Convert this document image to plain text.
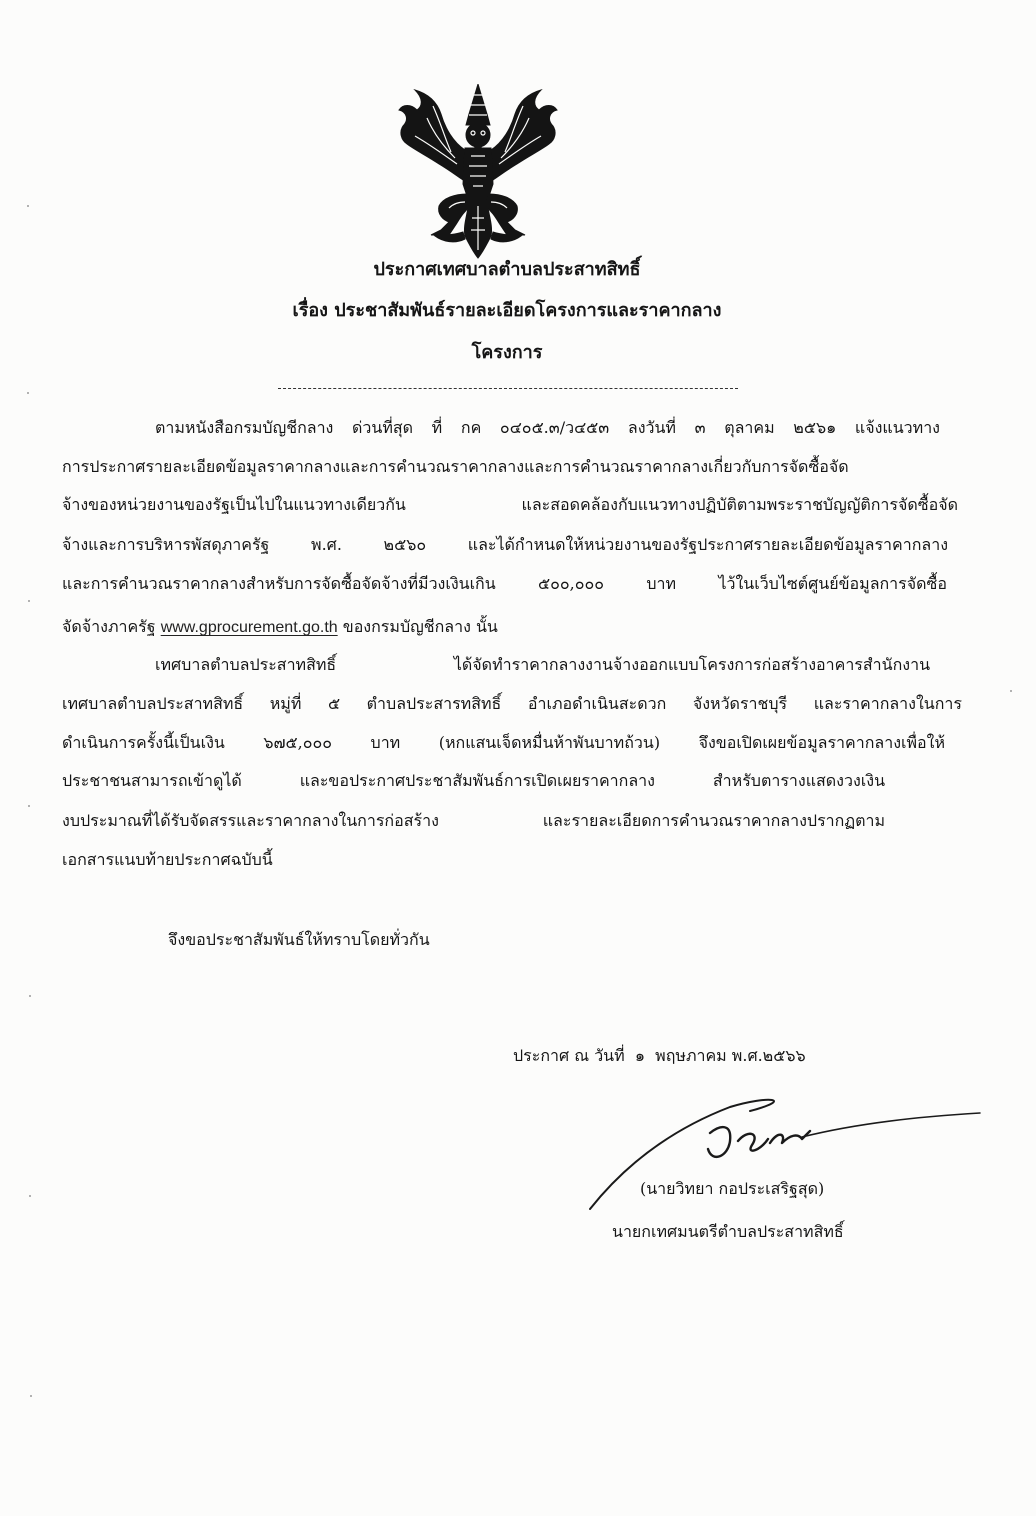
ประกาศเทศบาลตำบลประสาทสิทธิ์
เรื่อง ประชาสัมพันธ์รายละเอียดโครงการและราคากลาง
โครงการ
ตามหนังสือกรมบัญชีกลาง ด่วนที่สุด ที่ กค ๐๔๐๕.๓/ว๔๕๓ ลงวันที่ ๓ ตุลาคม ๒๕๖๑ แจ้งแนวทาง
การประกาศรายละเอียดข้อมูลราคากลางและการคำนวณราคากลางและการคำนวณราคากลางเกี่ยวกับการจัดซื้อจัด
จ้างของหน่วยงานของรัฐเป็นไปในแนวทางเดียวกัน และสอดคล้องกับแนวทางปฏิบัติตามพระราชบัญญัติการจัดซื้อจัด
จ้างและการบริหารพัสดุภาครัฐ พ.ศ. ๒๕๖๐ และได้กำหนดให้หน่วยงานของรัฐประกาศรายละเอียดข้อมูลราคากลาง
และการคำนวณราคากลางสำหรับการจัดซื้อจัดจ้างที่มีวงเงินเกิน ๕๐๐,๐๐๐ บาท ไว้ในเว็บไซต์ศูนย์ข้อมูลการจัดซื้อ
จัดจ้างภาครัฐ www.gprocurement.go.th ของกรมบัญชีกลาง นั้น
เทศบาลตำบลประสาทสิทธิ์ ได้จัดทำราคากลางงานจ้างออกแบบโครงการก่อสร้างอาคารสำนักงาน
เทศบาลตำบลประสาทสิทธิ์ หมู่ที่ ๕ ตำบลประสารทสิทธิ์ อำเภอดำเนินสะดวก จังหวัดราชบุรี และราคากลางในการ
ดำเนินการครั้งนี้เป็นเงิน ๖๗๕,๐๐๐ บาท (หกแสนเจ็ดหมื่นห้าพันบาทถ้วน) จึงขอเปิดเผยข้อมูลราคากลางเพื่อให้
ประชาชนสามารถเข้าดูได้ และขอประกาศประชาสัมพันธ์การเปิดเผยราคากลาง สำหรับตารางแสดงวงเงิน
งบประมาณที่ได้รับจัดสรรและราคากลางในการก่อสร้าง และรายละเอียดการคำนวณราคากลางปรากฏตาม
เอกสารแนบท้ายประกาศฉบับนี้
จึงขอประชาสัมพันธ์ให้ทราบโดยทั่วกัน
ประกาศ ณ วันที่  ๑  พฤษภาคม พ.ศ.๒๕๖๖
(นายวิทยา กอประเสริฐสุด)
นายกเทศมนตรีตำบลประสาทสิทธิ์
